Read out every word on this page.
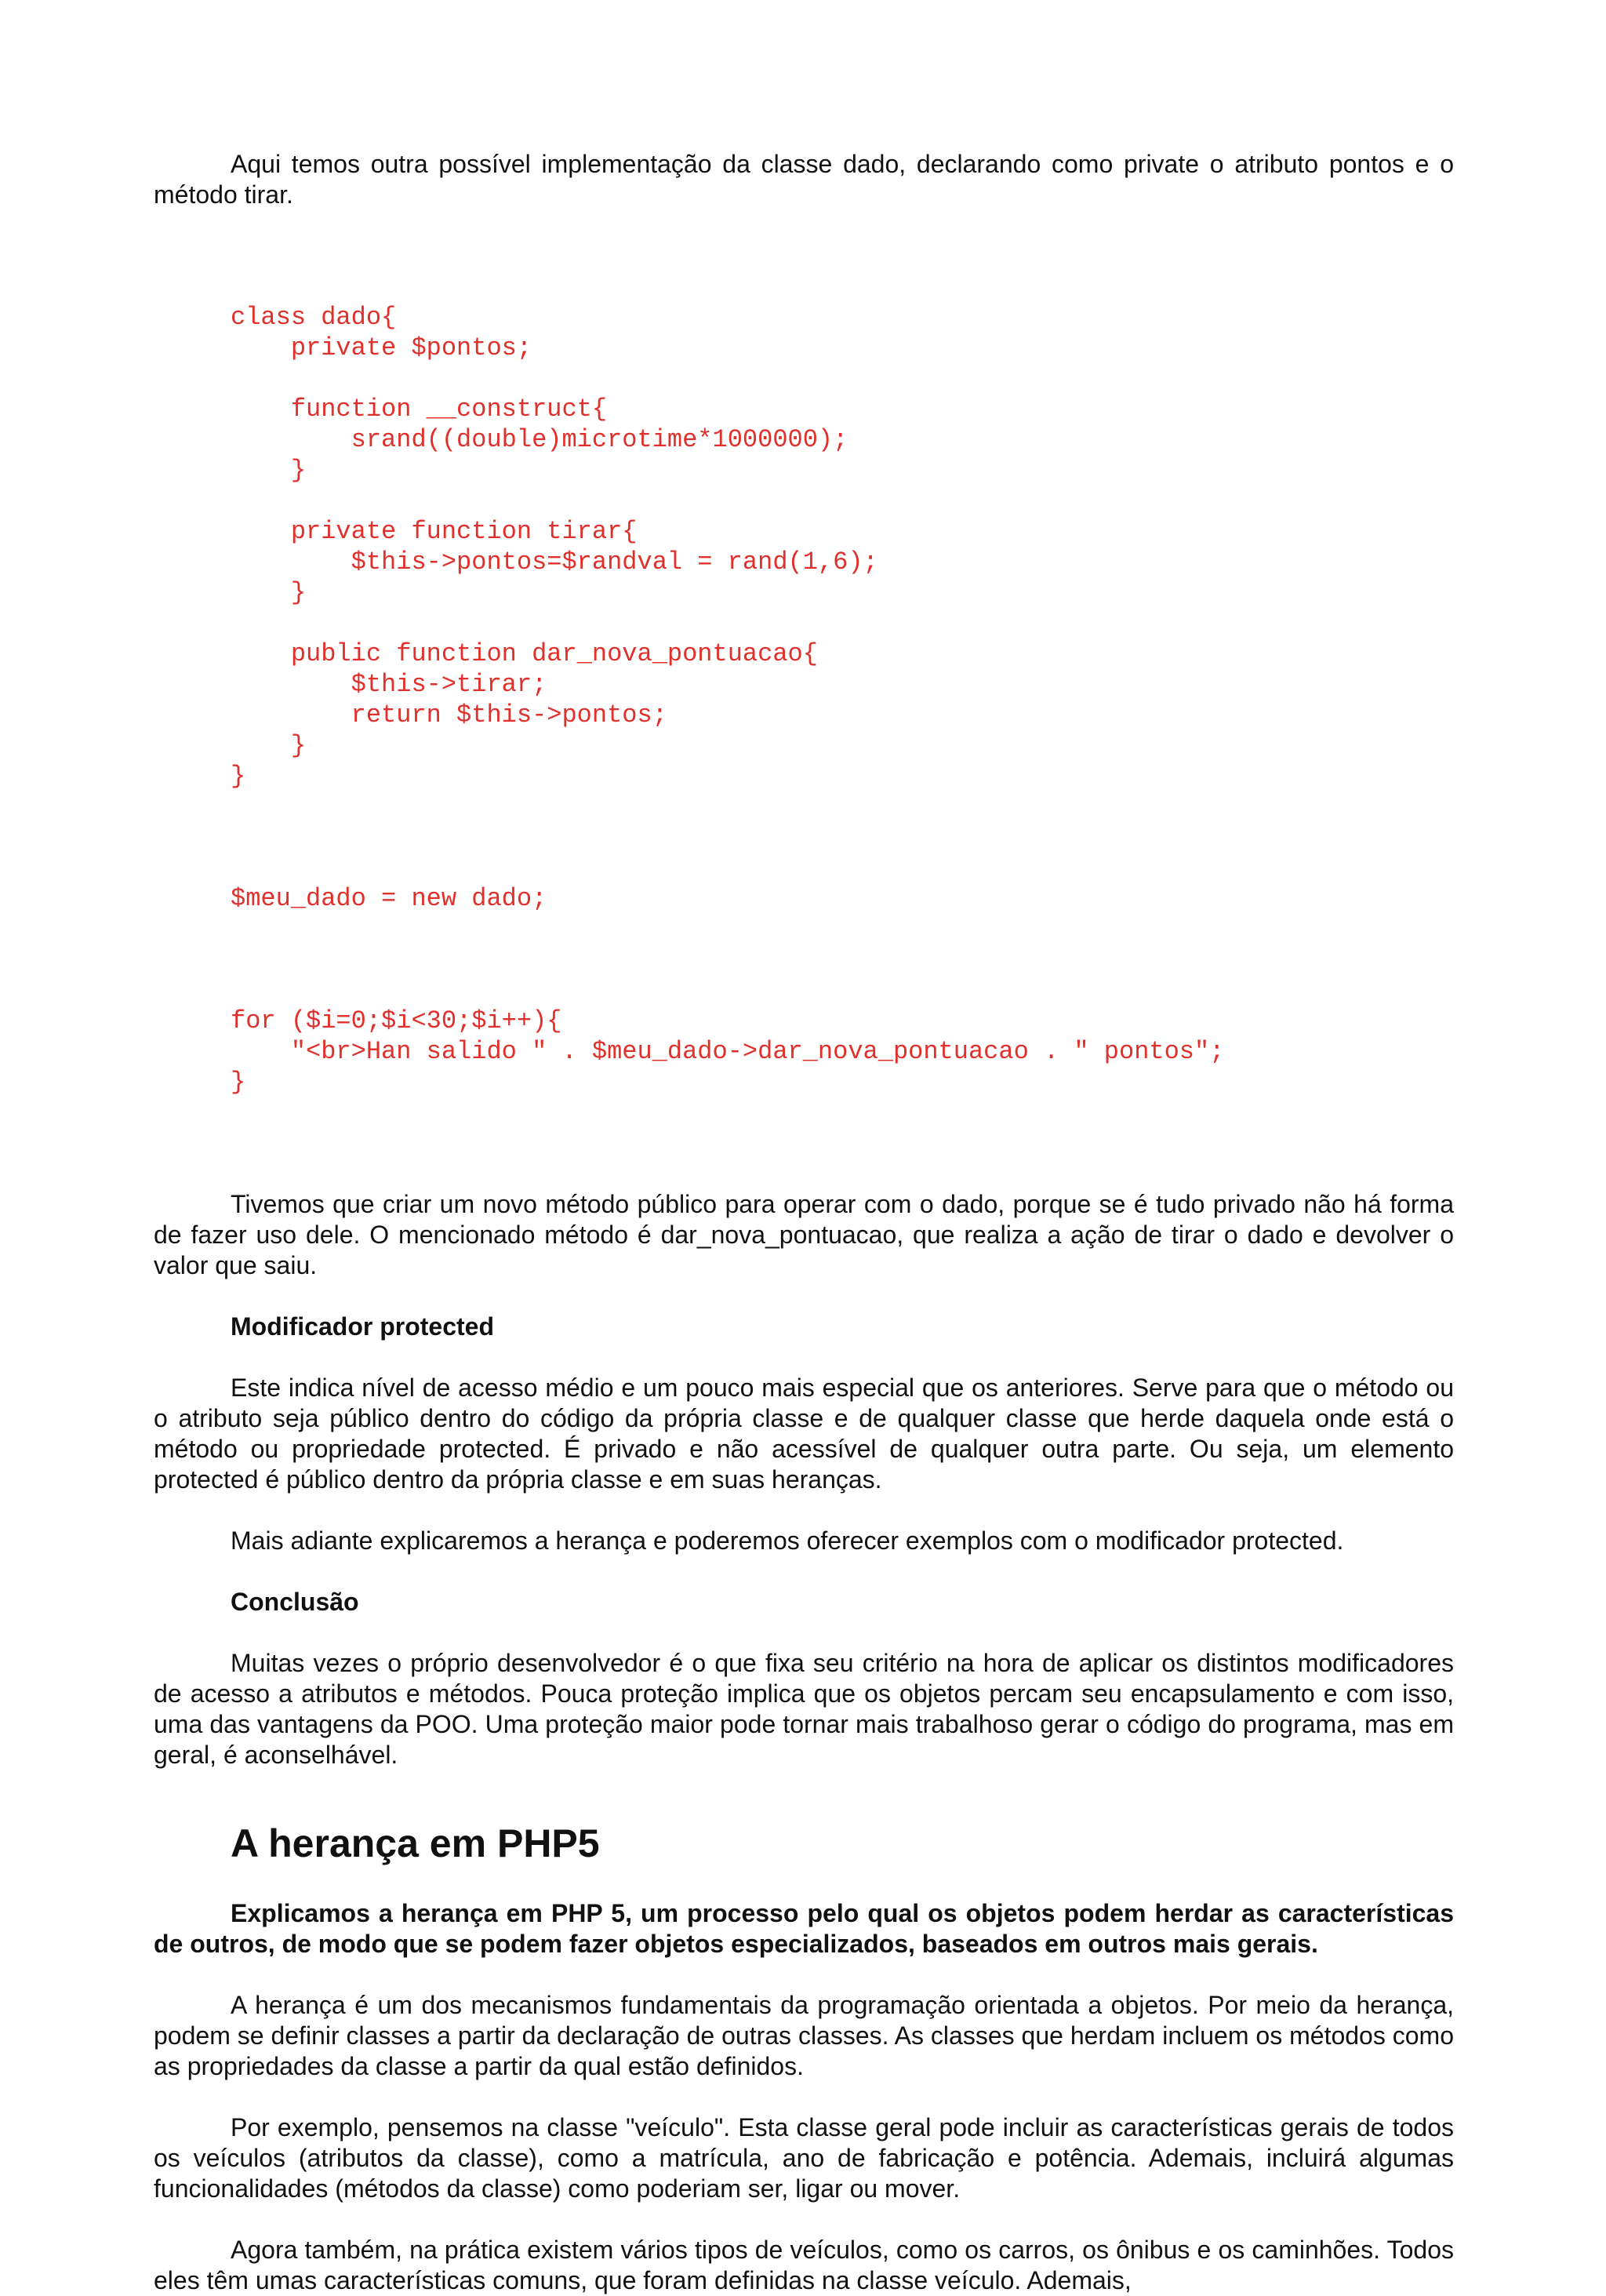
Aqui temos outra possível implementação da classe dado, declarando como private o atributo pontos e o método tirar.

class dado{
private $pontos;

function __construct{
srand((double)microtime*1000000);
}

private function tirar{
$this->pontos=$randval = rand(1,6);
}

public function dar_nova_pontuacao{
$this->tirar;
return $this->pontos;
}
}

$meu_dado = new dado;

for ($i=0;$i<30;$i++){
"<br>Han salido " . $meu_dado->dar_nova_pontuacao . " pontos";
}

Tivemos que criar um novo método público para operar com o dado, porque se é tudo privado não há forma de fazer uso dele. O mencionado método é dar_nova_pontuacao, que realiza a ação de tirar o dado e devolver o valor que saiu.

Modificador protected

Este indica nível de acesso médio e um pouco mais especial que os anteriores. Serve para que o método ou o atributo seja público dentro do código da própria classe e de qualquer classe que herde daquela onde está o método ou propriedade protected. É privado e não acessível de qualquer outra parte. Ou seja, um elemento protected é público dentro da própria classe e em suas heranças.

Mais adiante explicaremos a herança e poderemos oferecer exemplos com o modificador protected.

Conclusão

Muitas vezes o próprio desenvolvedor é o que fixa seu critério na hora de aplicar os distintos modificadores de acesso a atributos e métodos. Pouca proteção implica que os objetos percam seu encapsulamento e com isso, uma das vantagens da POO. Uma proteção maior pode tornar mais trabalhoso gerar o código do programa, mas em geral, é aconselhável.

A herança em PHP5

Explicamos a herança em PHP 5, um processo pelo qual os objetos podem herdar as características de outros, de modo que se podem fazer objetos especializados, baseados em outros mais gerais.

A herança é um dos mecanismos fundamentais da programação orientada a objetos. Por meio da herança, podem se definir classes a partir da declaração de outras classes. As classes que herdam incluem os métodos como as propriedades da classe a partir da qual estão definidos.

Por exemplo, pensemos na classe "veículo". Esta classe geral pode incluir as características gerais de todos os veículos (atributos da classe), como a matrícula, ano de fabricação e potência. Ademais, incluirá algumas funcionalidades (métodos da classe) como poderiam ser, ligar ou mover.

Agora também, na prática existem vários tipos de veículos, como os carros, os ônibus e os caminhões. Todos eles têm umas características comuns, que foram definidas na classe veículo. Ademais,
